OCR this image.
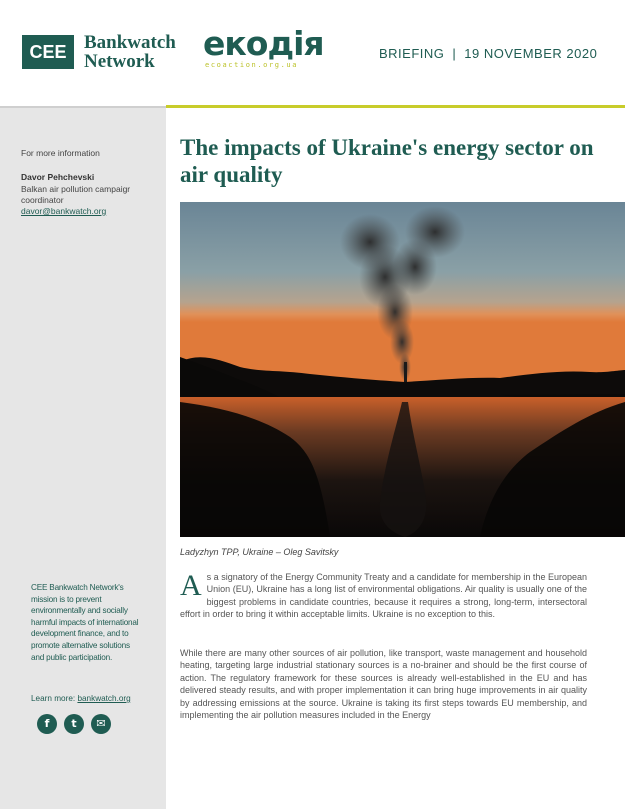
CEE Bankwatch
Network	екодія
ecoaction.org.ua
BRIEFING | 19 NOVEMBER 2020
For more information
Davor Pehchevski
Balkan air pollution campaigr coordinator
davor@bankwatch.org
CEE Bankwatch Network's mission is to prevent environmentally and socially harmful impacts of international development finance, and to promote alternative solutions and public participation.
Learn more: bankwatch.org
f	t	✉
The impacts of Ukraine's energy sector on air quality
Ladyzhyn TPP, Ukraine – Oleg Savitsky
As a signatory of the Energy Community Treaty and a candidate for membership in the European Union (EU), Ukraine has a long list of environmental obligations. Air quality is usually one of the biggest problems in candidate countries, because it requires a strong, long-term, intersectoral effort in order to bring it within acceptable limits. Ukraine is no exception to this.
While there are many other sources of air pollution, like transport, waste management and household heating, targeting large industrial stationary sources is a no-brainer and should be the first course of action. The regulatory framework for these sources is already well-established in the EU and has delivered steady results, and with proper implementation it can bring huge improvements in air quality by addressing emissions at the source. Ukraine is taking its first steps towards EU membership, and implementing the air pollution measures included in the Energy
